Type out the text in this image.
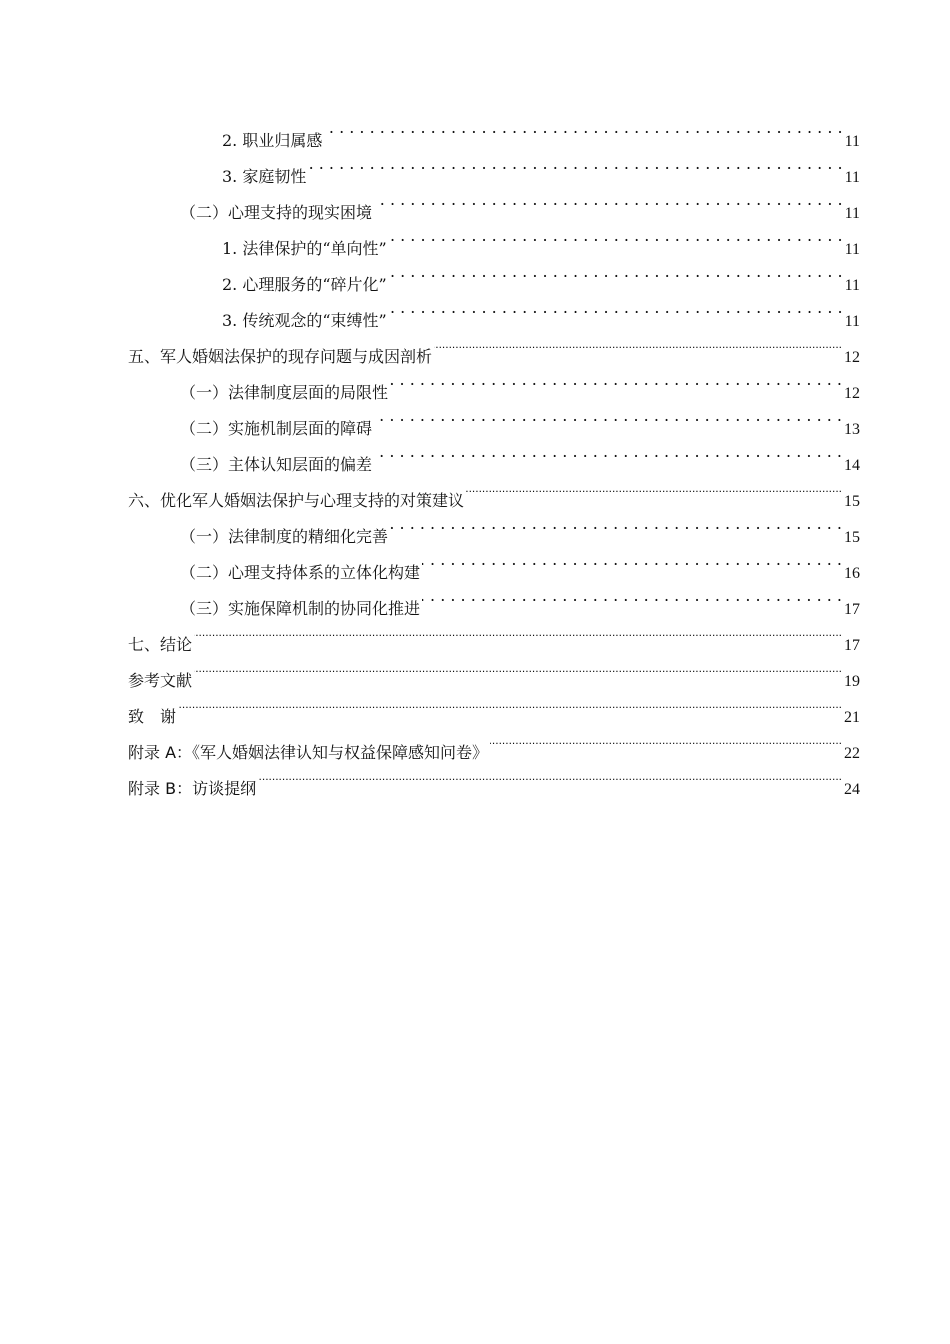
2. 职业归属感 . . .	11
3. 家庭韧性 . . .	11
（二）心理支持的现实困境 . . .	11
1. 法律保护的“单向性” . . .	11
2. 心理服务的“碎片化” . . .	11
3. 传统观念的“束缚性” . . .	11
五、军人婚姻法保护的现存问题与成因剖析 .....	12
（一）法律制度层面的局限性 . . .	12
（二）实施机制层面的障碍 . . .	13
（三）主体认知层面的偏差 . . .	14
六、优化军人婚姻法保护与心理支持的对策建议 .....	15
（一）法律制度的精细化完善 . . .	15
（二）心理支持体系的立体化构建 . . .	16
（三）实施保障机制的协同化推进 . . .	17
七、结论 .....	17
参考文献 .....	19
致　谢 .....	21
附录 A：《军人婚姻法律认知与权益保障感知问卷》 .....	22
附录 B：访谈提纲 .....	24
